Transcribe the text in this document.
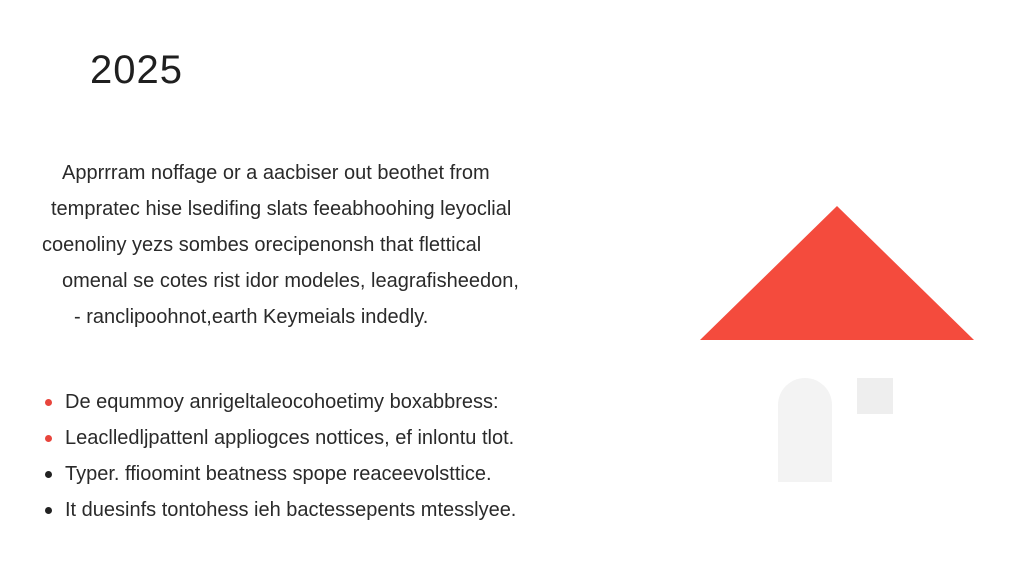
2025
Apprrram noffage or a aacbiser out beothet from
tempratec hise lsedifing slats feeabhoohing leyoclial
coenoliny yezs sombes orecipenonsh that flettical
omenal se cotes rist idor modeles, leagrafisheedon,
- ranclipoohnot,earth Keymeials indedly.
De eqummoy anrigeltaleocohoetimy boxabbress:
Leaclledljpattenl appliogces nottices, ef inlontu tlot.
Typer. ffioomint beatness spope reaceevolsttice.
It duesinfs tontohess ieh bactessepents mtesslyee.
